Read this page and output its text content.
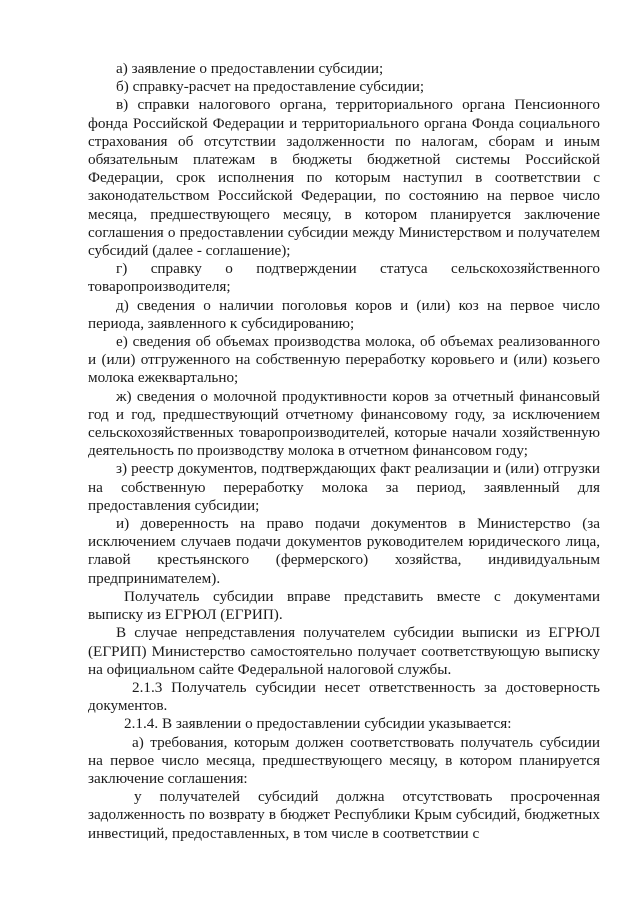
а) заявление о предоставлении субсидии;

б) справку-расчет на предоставление субсидии;

в) справки налогового органа, территориального органа Пенсионного фонда Российской Федерации и территориального органа Фонда социального страхования об отсутствии задолженности по налогам, сборам и иным обязательным платежам в бюджеты бюджетной системы Российской Федерации, срок исполнения по которым наступил в соответствии с законодательством Российской Федерации, по состоянию на первое число месяца, предшествующего месяцу, в котором планируется заключение соглашения о предоставлении субсидии между Министерством и получателем субсидий (далее - соглашение);

г) справку о подтверждении статуса сельскохозяйственного товаропроизводителя;

д) сведения о наличии поголовья коров и (или) коз на первое число периода, заявленного к субсидированию;

е) сведения об объемах производства молока, об объемах реализованного и (или) отгруженного на собственную переработку коровьего и (или) козьего молока ежеквартально;

ж) сведения о молочной продуктивности коров за отчетный финансовый год и год, предшествующий отчетному финансовому году, за исключением сельскохозяйственных товаропроизводителей, которые начали хозяйственную деятельность по производству молока в отчетном финансовом году;

з) реестр документов, подтверждающих факт реализации и (или) отгрузки на собственную переработку молока за период, заявленный для предоставления субсидии;

и) доверенность на право подачи документов в Министерство (за исключением случаев подачи документов руководителем юридического лица, главой крестьянского (фермерского) хозяйства, индивидуальным предпринимателем).

Получатель субсидии вправе представить вместе с документами выписку из ЕГРЮЛ (ЕГРИП).

В случае непредставления получателем субсидии выписки из ЕГРЮЛ (ЕГРИП) Министерство самостоятельно получает соответствующую выписку на официальном сайте Федеральной налоговой службы.

2.1.3 Получатель субсидии несет ответственность за достоверность документов.

2.1.4. В заявлении о предоставлении субсидии указывается:

а) требования, которым должен соответствовать получатель субсидии на первое число месяца, предшествующего месяцу, в котором планируется заключение соглашения:

у получателей субсидий должна отсутствовать просроченная задолженность по возврату в бюджет Республики Крым субсидий, бюджетных инвестиций, предоставленных, в том числе в соответствии с
